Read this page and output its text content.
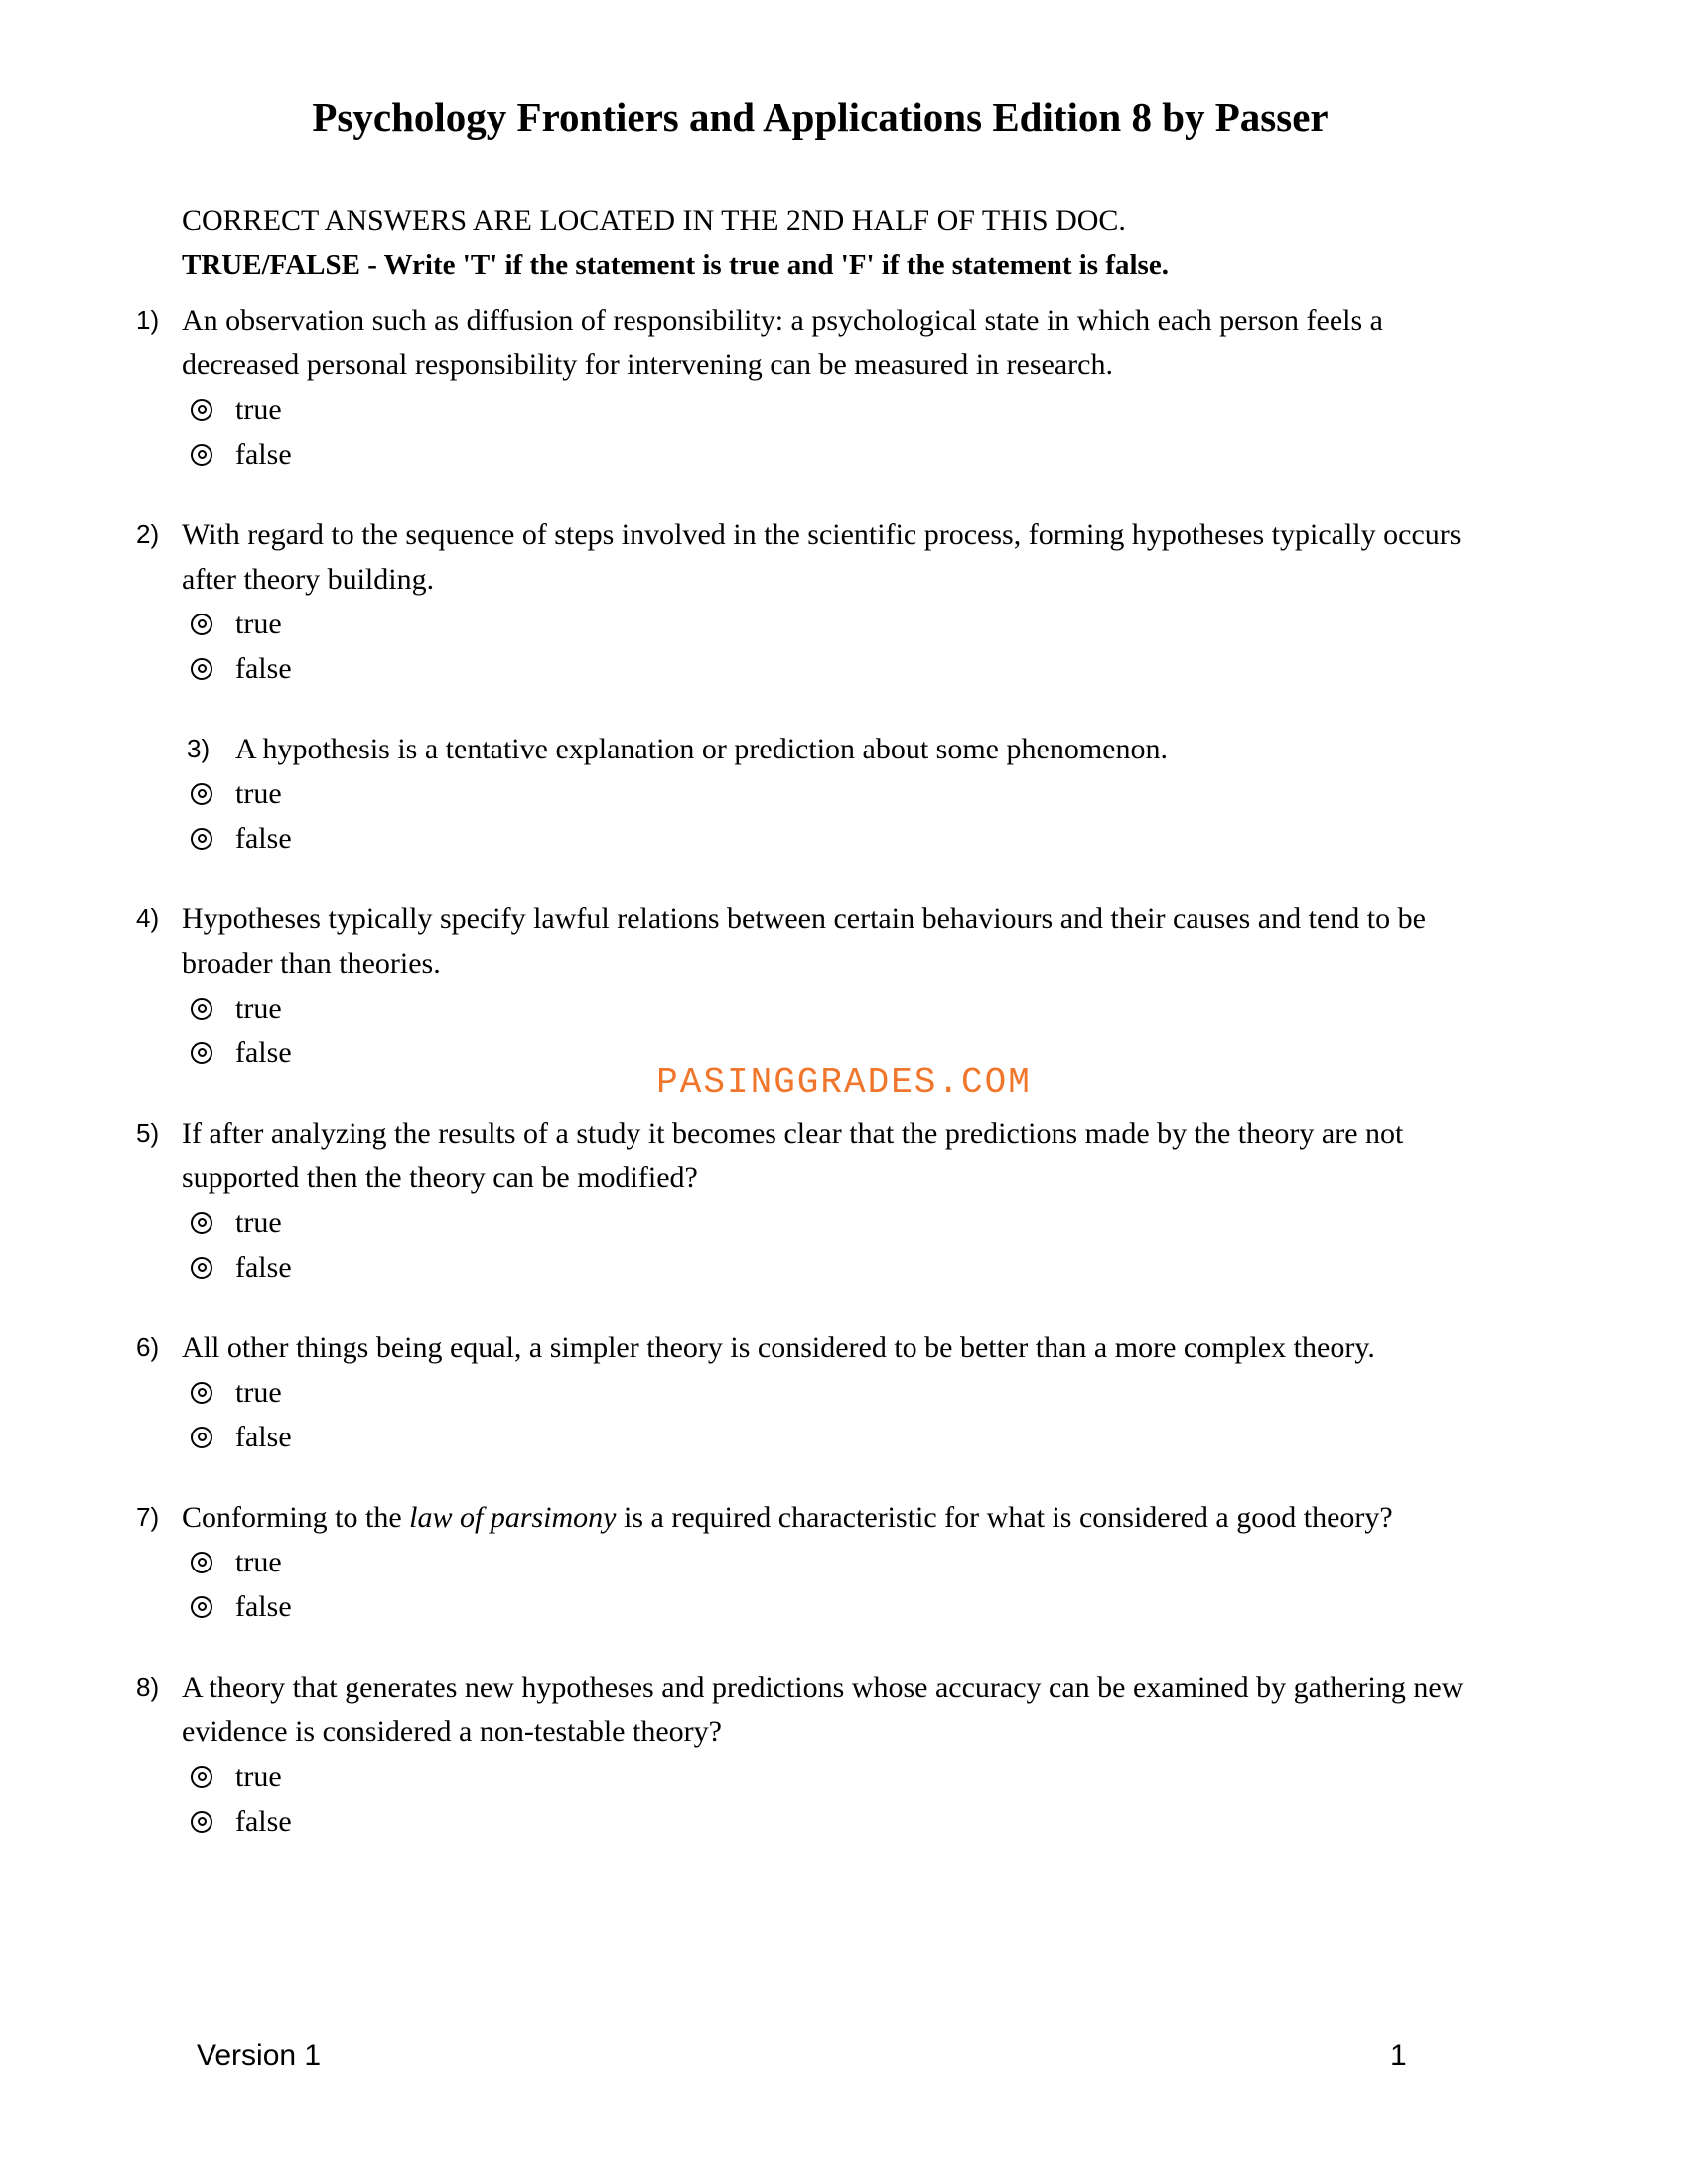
Psychology Frontiers and Applications Edition 8 by Passer
CORRECT ANSWERS ARE LOCATED IN THE 2ND HALF OF THIS DOC.
TRUE/FALSE - Write 'T' if the statement is true and 'F' if the statement is false.
1) An observation such as diffusion of responsibility: a psychological state in which each person feels a decreased personal responsibility for intervening can be measured in research.

true
false
2) With regard to the sequence of steps involved in the scientific process, forming hypotheses typically occurs after theory building.

true
false
3) A hypothesis is a tentative explanation or prediction about some phenomenon.

true
false
4) Hypotheses typically specify lawful relations between certain behaviours and their causes and tend to be broader than theories.

true
false
5) If after analyzing the results of a study it becomes clear that the predictions made by the theory are not supported then the theory can be modified?

true
false
6) All other things being equal, a simpler theory is considered to be better than a more complex theory.

true
false
7) Conforming to the law of parsimony is a required characteristic for what is considered a good theory?

true
false
8) A theory that generates new hypotheses and predictions whose accuracy can be examined by gathering new evidence is considered a non-testable theory?

true
false
PASINGGRADES.COM
Version 1	1
